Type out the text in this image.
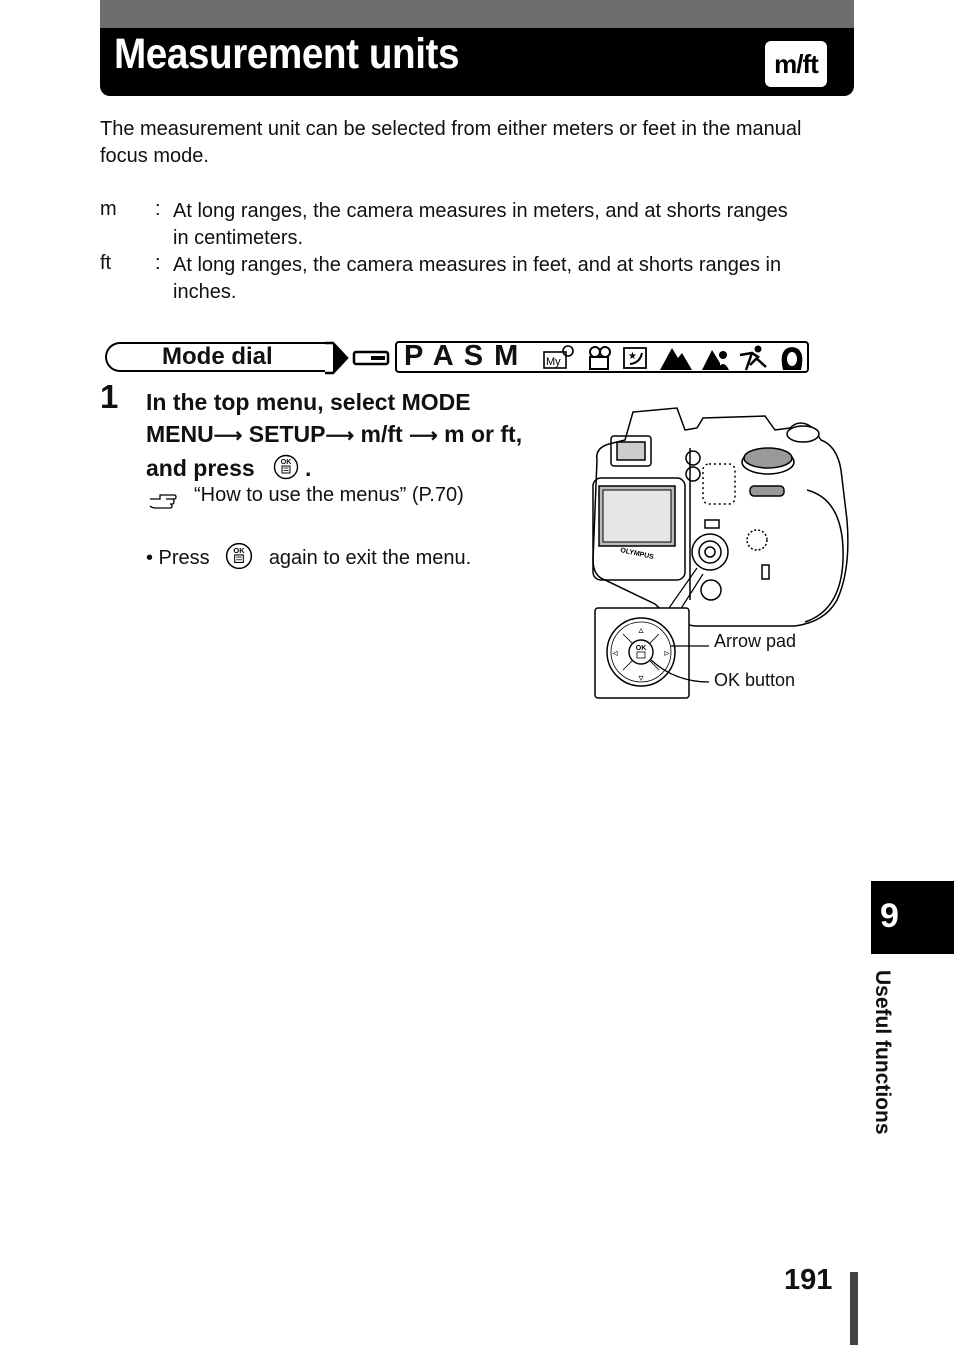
Measurement units	m/ft
The measurement unit can be selected from either meters or feet in the manual focus mode.
m : At long ranges, the camera measures in meters, and at shorts ranges
in centimeters.
ft : At long ranges, the camera measures in feet, and at shorts ranges in
inches.
Mode dial	P A S M	My	★
1 In the top menu, select MODE
MENU⟶ SETUP⟶ m/ft ⟶ m or ft,
and press	OK .
“How to use the menus” (P.70)
• Press	OK again to exit the menu.	OLYMPUS
▵
▿
◃	▹
OK	Arrow pad
OK button
9
Useful functions
191
